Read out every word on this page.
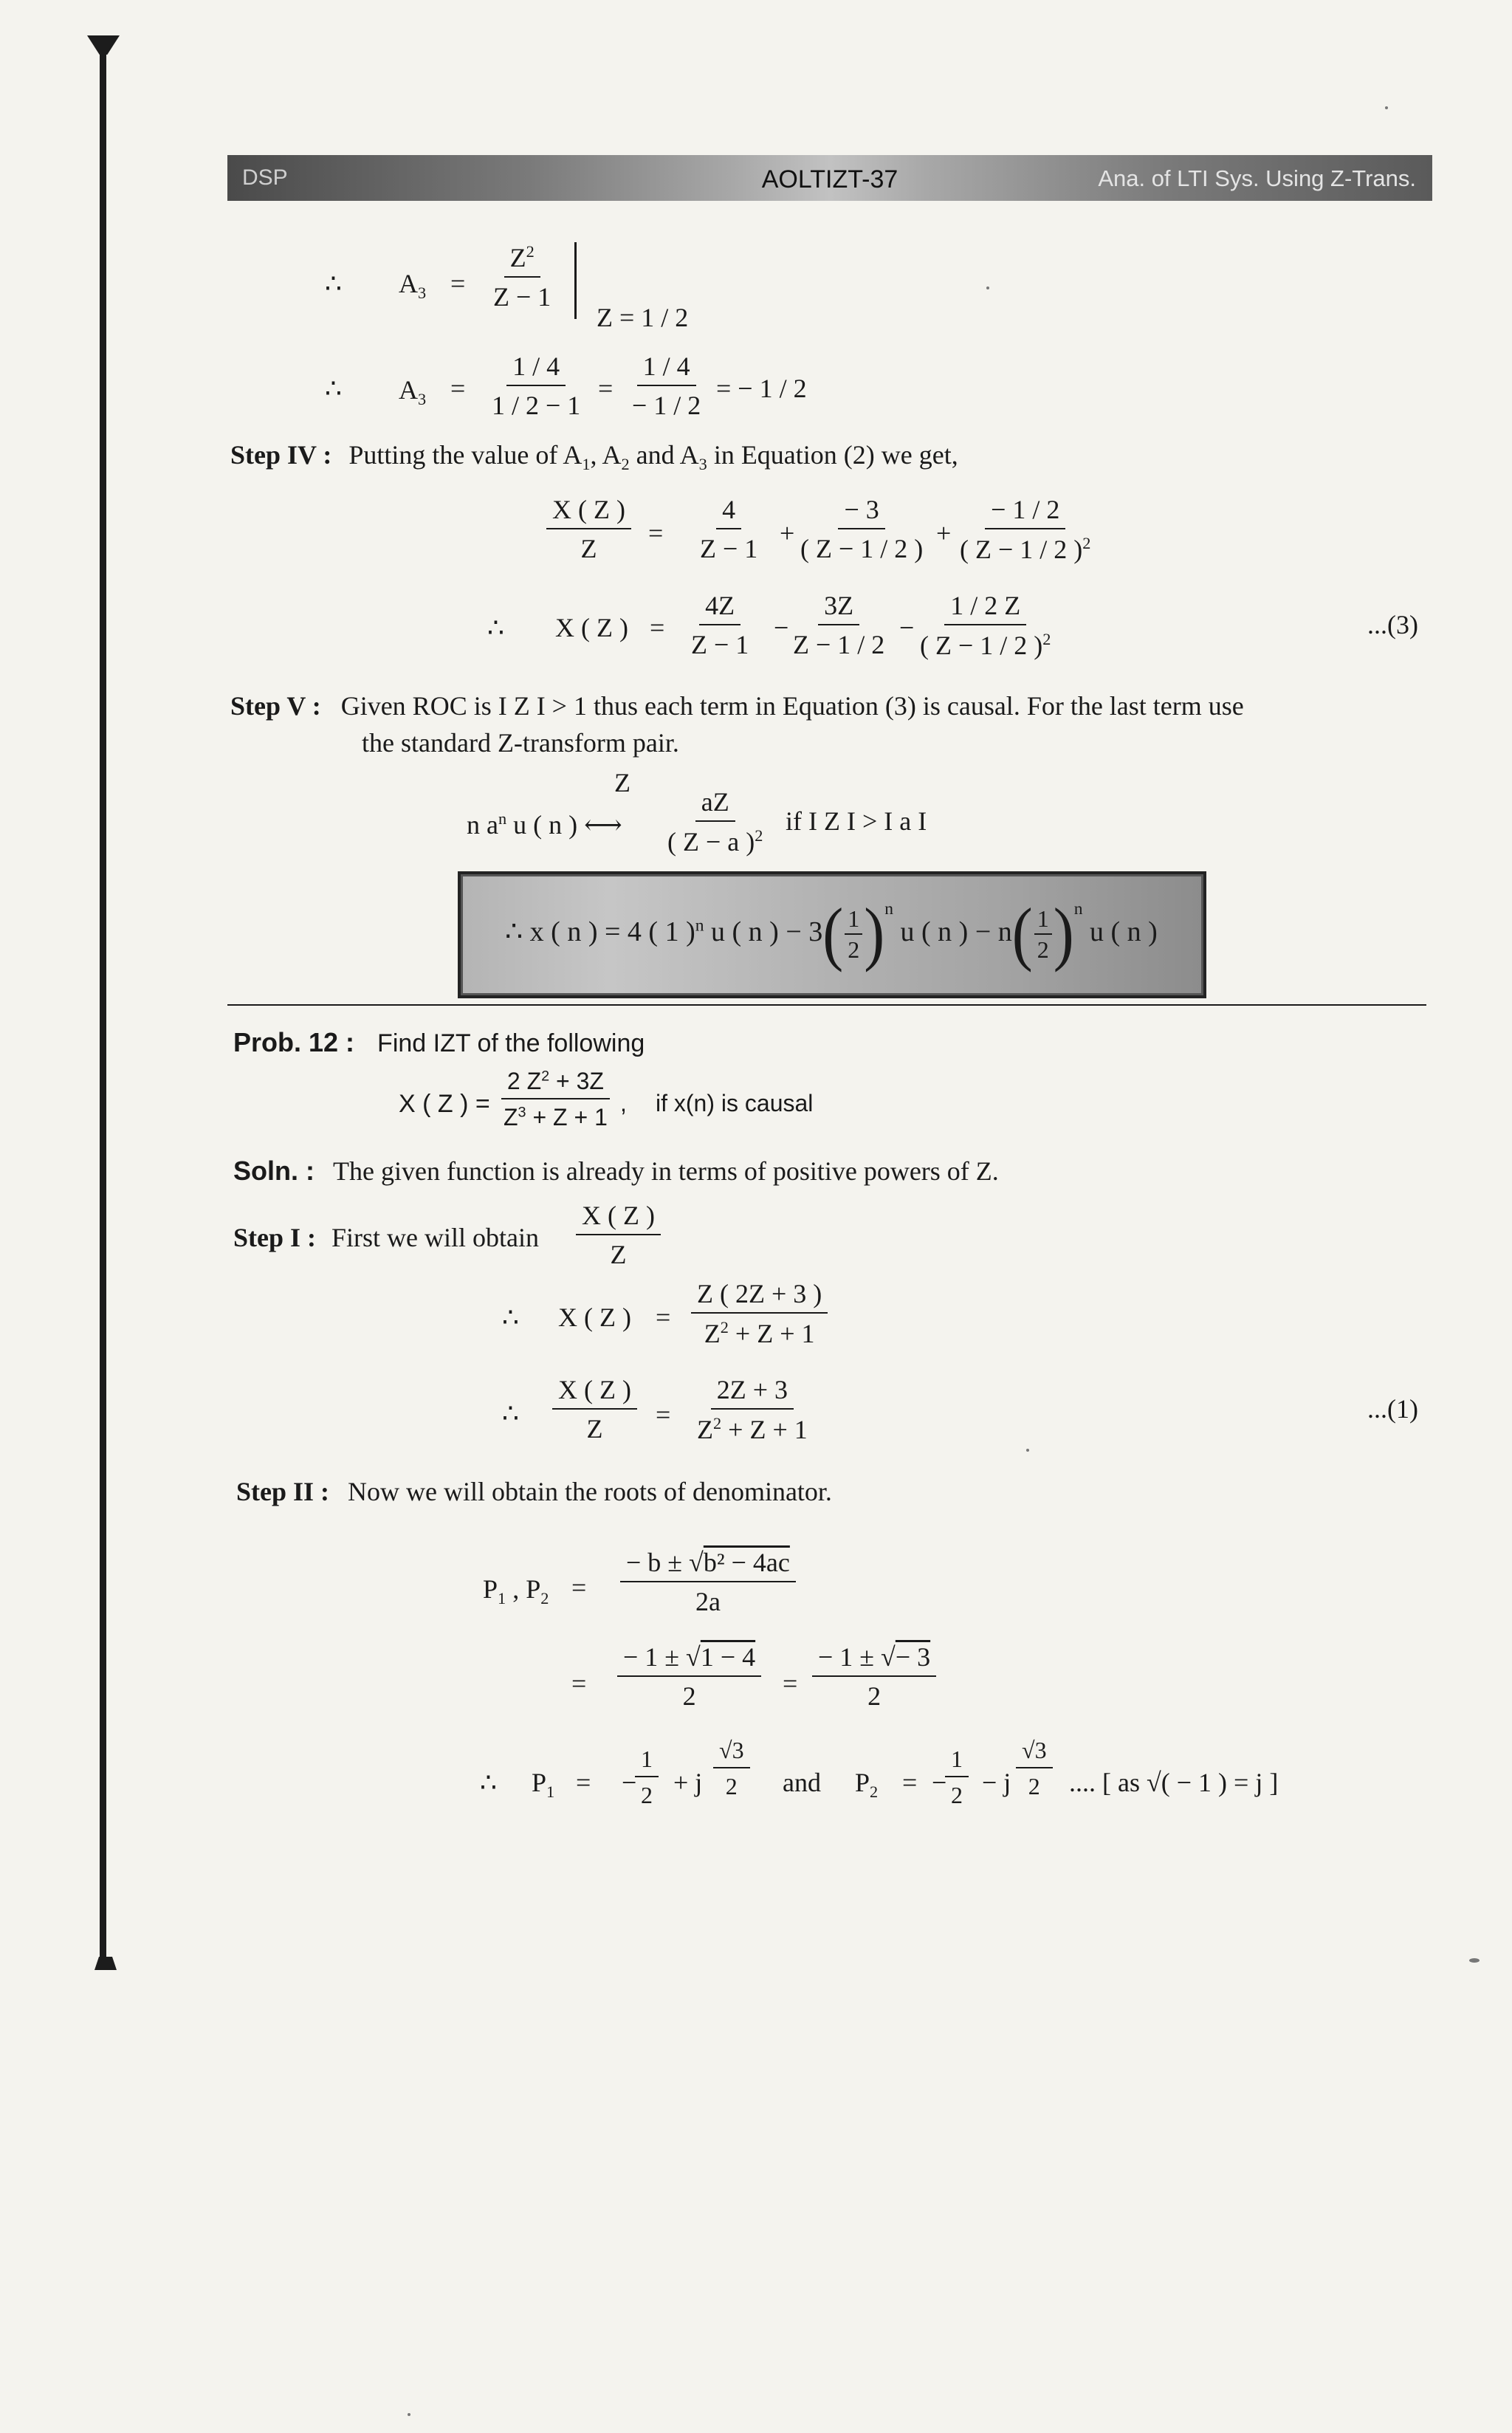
DSP	AOLTIZT-37	Ana. of LTI Sys. Using Z-Trans.
∴ $A_3 = \frac{Z^2}{Z - 1}$
Z = 1 / 2
∴ $A_3 = \frac{1 / 4}{1 / 2 - 1} = \frac{1 / 4}{- 1 / 2}$ = − 1 / 2
Step IV : Putting the value of $A_1$, $A_2$ and $A_3$ in Equation (2) we get,
$\frac{X ( Z )}{Z} = \frac{4}{Z - 1} + \frac{- 3}{( Z - 1 / 2 )} + \frac{- 1 / 2}{( Z - 1 / 2 )^2}$
∴ X ( Z ) = $\frac{4Z}{Z - 1}$ −
$\frac{3Z}{Z - 1 / 2} - \frac{1 / 2 Z}{( Z - 1 / 2 )^2}$	...(3)
Step V : Given ROC is I Z I > 1 thus each term in Equation (3) is causal. For the last term use
the standard Z-transform pair.
Z
n $a^n$ u ( n ) ⟷ $\frac{aZ}{( Z - a )^2}$ if I Z I > I a I
∴ x ( n ) = 4 ( 1 )$^n$ u ( n ) − $3( \frac{1}{2} )^n$ u ( n ) − $n( \frac{1}{2} )^n$ u ( n )
Prob. 12 : Find IZT of the following
X ( Z ) = $\frac{2 Z^2 + 3Z}{Z^3 + Z + 1}$ , if x(n) is causal
Soln. : The given function is already in terms of positive powers of Z.
Step I : First we will obtain $\frac{X ( Z )}{Z}$
∴ X ( Z ) = $\frac{Z ( 2Z + 3 )}{Z^2 + Z + 1}$
∴ $\frac{X ( Z )}{Z} = \frac{2Z + 3}{Z^2 + Z + 1}$	...(1)
Step II : Now we will obtain the roots of denominator.
$P_1$ , $P_2 = \frac{\text{− b ± √b² − 4ac}}{2a}$
= $\frac{- 1 \pm √1 - 4}{2} = \frac{- 1 \pm √- 3}{2}$
∴ $P_1$ = −
$\frac{1}{2} + j \frac{√3}{2}$ and $P_2$ = −
$\frac{1}{2} - j \frac{√3}{2}$ .... [ as √( − 1 ) = j ]
